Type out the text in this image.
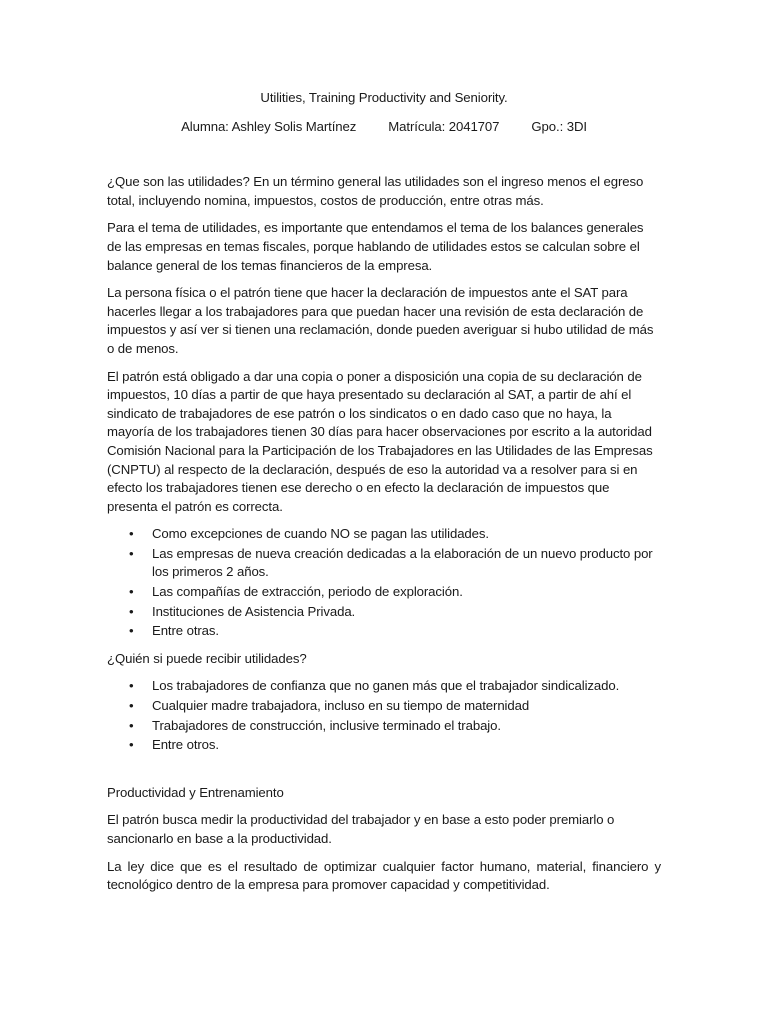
Utilities, Training Productivity and Seniority.
Alumna: Ashley Solis Martínez Matrícula: 2041707 Gpo.: 3DI

¿Que son las utilidades? En un término general las utilidades son el ingreso menos el egreso total, incluyendo nomina, impuestos, costos de producción, entre otras más.

Para el tema de utilidades, es importante que entendamos el tema de los balances generales de las empresas en temas fiscales, porque hablando de utilidades estos se calculan sobre el balance general de los temas financieros de la empresa.

La persona física o el patrón tiene que hacer la declaración de impuestos ante el SAT para hacerles llegar a los trabajadores para que puedan hacer una revisión de esta declaración de impuestos y así ver si tienen una reclamación, donde pueden averiguar si hubo utilidad de más o de menos.

El patrón está obligado a dar una copia o poner a disposición una copia de su declaración de impuestos, 10 días a partir de que haya presentado su declaración al SAT, a partir de ahí el sindicato de trabajadores de ese patrón o los sindicatos o en dado caso que no haya, la mayoría de los trabajadores tienen 30 días para hacer observaciones por escrito a la autoridad Comisión Nacional para la Participación de los Trabajadores en las Utilidades de las Empresas (CNPTU) al respecto de la declaración, después de eso la autoridad va a resolver para si en efecto los trabajadores tienen ese derecho o en efecto la declaración de impuestos que presenta el patrón es correcta.

• Como excepciones de cuando NO se pagan las utilidades.
• Las empresas de nueva creación dedicadas a la elaboración de un nuevo producto por los primeros 2 años.
• Las compañías de extracción, periodo de exploración.
• Instituciones de Asistencia Privada.
• Entre otras.

¿Quién si puede recibir utilidades?

• Los trabajadores de confianza que no ganen más que el trabajador sindicalizado.
• Cualquier madre trabajadora, incluso en su tiempo de maternidad
• Trabajadores de construcción, inclusive terminado el trabajo.
• Entre otros.

Productividad y Entrenamiento

El patrón busca medir la productividad del trabajador y en base a esto poder premiarlo o sancionarlo en base a la productividad.

La ley dice que es el resultado de optimizar cualquier factor humano, material, financiero y tecnológico dentro de la empresa para promover capacidad y competitividad.
